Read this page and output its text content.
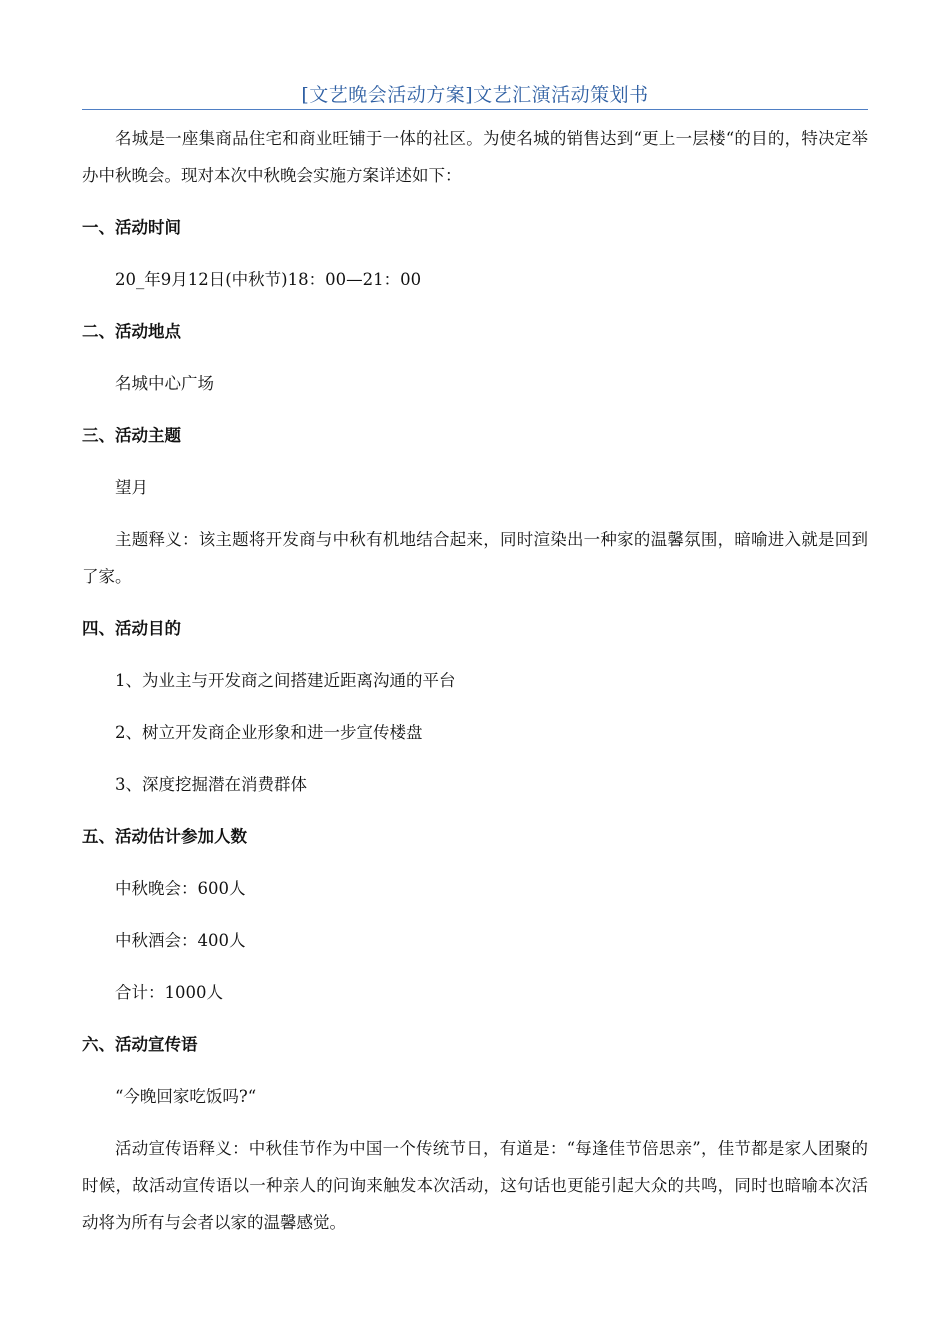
[文艺晚会活动方案]文艺汇演活动策划书

名城是一座集商品住宅和商业旺铺于一体的社区。为使名城的销售达到“更上一层楼“的目的，特决定举办中秋晚会。现对本次中秋晚会实施方案详述如下：

一、活动时间
20_年9月12日(中秋节)18：00—21：00
二、活动地点
名城中心广场
三、活动主题
望月

主题释义：该主题将开发商与中秋有机地结合起来，同时渲染出一种家的温馨氛围，暗喻进入就是回到了家。

四、活动目的
1、为业主与开发商之间搭建近距离沟通的平台
2、树立开发商企业形象和进一步宣传楼盘
3、深度挖掘潜在消费群体
五、活动估计参加人数
中秋晚会：600人
中秋酒会：400人
合计：1000人
六、活动宣传语
“今晚回家吃饭吗?“

活动宣传语释义：中秋佳节作为中国一个传统节日，有道是：“每逢佳节倍思亲”，佳节都是家人团聚的时候，故活动宣传语以一种亲人的问询来触发本次活动，这句话也更能引起大众的共鸣，同时也暗喻本次活动将为所有与会者以家的温馨感觉。
